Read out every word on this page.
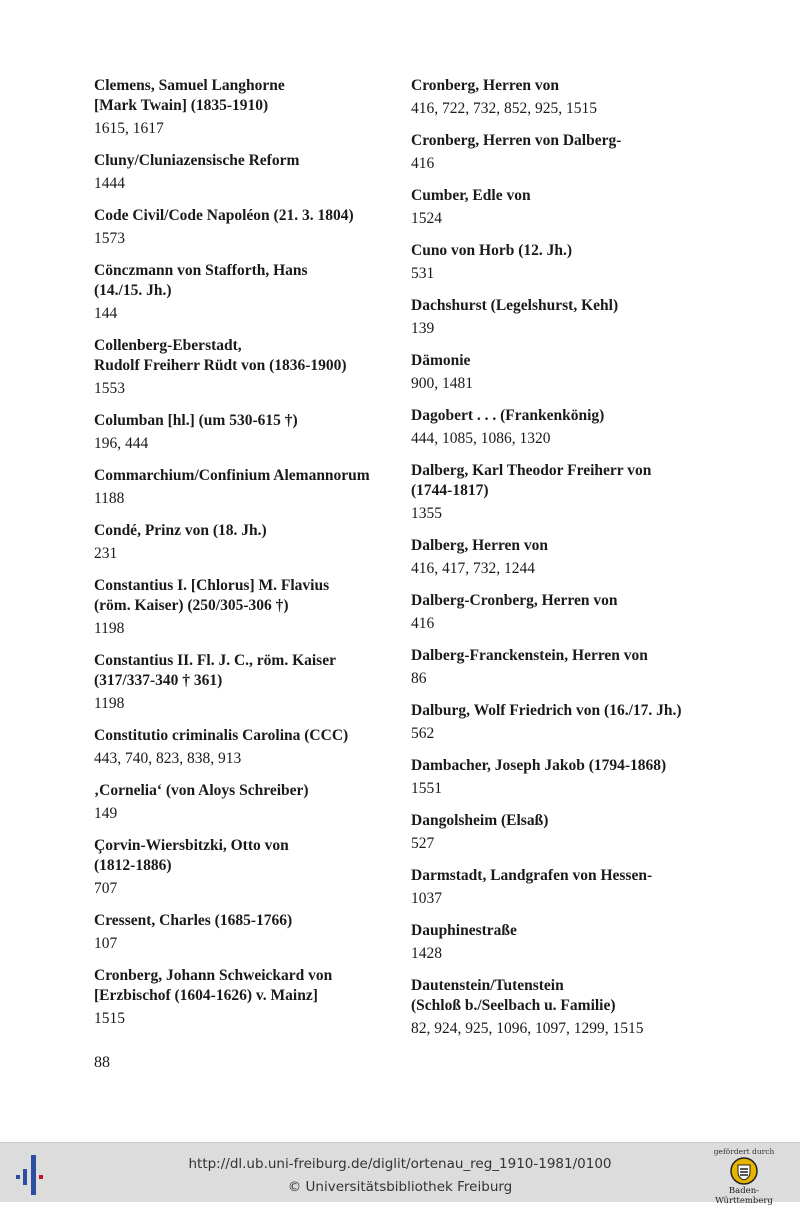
Clemens, Samuel Langhorne
[Mark Twain] (1835-1910)
1615, 1617
Cluny/Cluniazensische Reform
1444
Code Civil/Code Napoléon (21. 3. 1804)
1573
Cönczmann von Stafforth, Hans
(14./15. Jh.)
144
Collenberg-Eberstadt,
Rudolf Freiherr Rüdt von (1836-1900)
1553
Columban [hl.] (um 530-615 †)
196, 444
Commarchium/Confinium Alemannorum
1188
Condé, Prinz von (18. Jh.)
231
Constantius I. [Chlorus] M. Flavius
(röm. Kaiser) (250/305-306 †)
1198
Constantius II. Fl. J. C., röm. Kaiser
(317/337-340 † 361)
1198
Constitutio criminalis Carolina (CCC)
443, 740, 823, 838, 913
‚Cornelia‘ (von Aloys Schreiber)
149
Çorvin-Wiersbitzki, Otto von
(1812-1886)
707
Cressent, Charles (1685-1766)
107
Cronberg, Johann Schweickard von
[Erzbischof (1604-1626) v. Mainz]
1515
Cronberg, Herren von
416, 722, 732, 852, 925, 1515
Cronberg, Herren von Dalberg-
416
Cumber, Edle von
1524
Cuno von Horb (12. Jh.)
531
Dachshurst (Legelshurst, Kehl)
139
Dämonie
900, 1481
Dagobert . . . (Frankenkönig)
444, 1085, 1086, 1320
Dalberg, Karl Theodor Freiherr von
(1744-1817)
1355
Dalberg, Herren von
416, 417, 732, 1244
Dalberg-Cronberg, Herren von
416
Dalberg-Franckenstein, Herren von
86
Dalburg, Wolf Friedrich von (16./17. Jh.)
562
Dambacher, Joseph Jakob (1794-1868)
1551
Dangolsheim (Elsaß)
527
Darmstadt, Landgrafen von Hessen-
1037
Dauphinestraße
1428
Dautenstein/Tutenstein
(Schloß b./Seelbach u. Familie)
82, 924, 925, 1096, 1097, 1299, 1515
88
http://dl.ub.uni-freiburg.de/diglit/ortenau_reg_1910-1981/0100
© Universitätsbibliothek Freiburg
gefördert durch
Baden-Württemberg
